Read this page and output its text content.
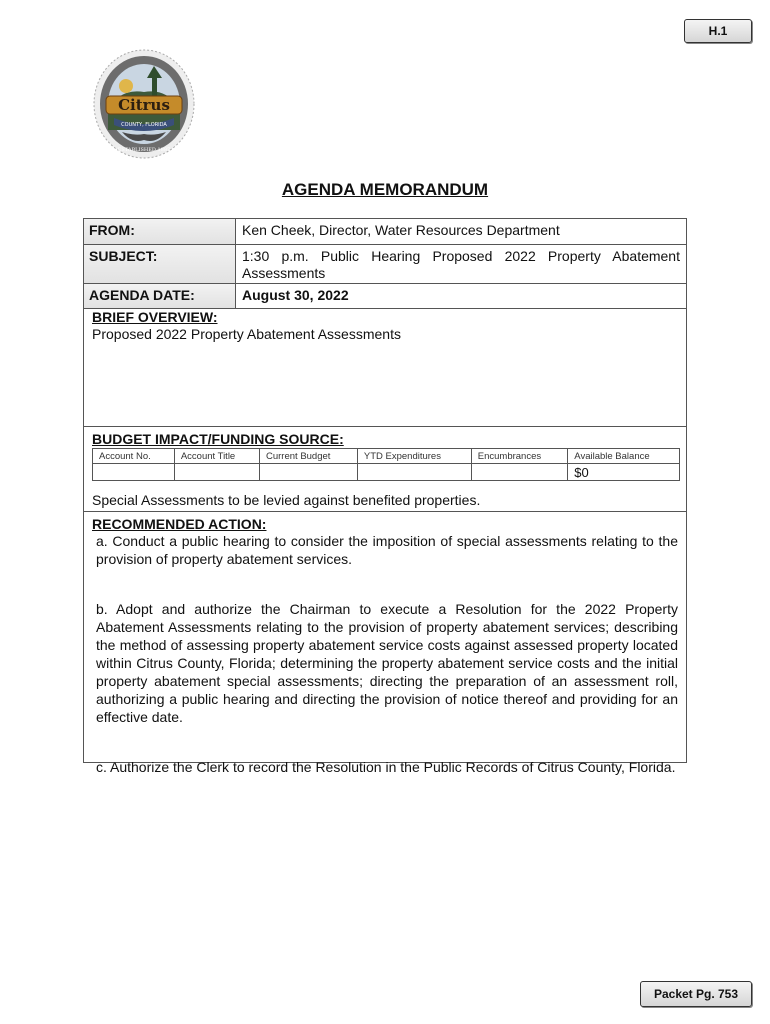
H.1
Citrus
COUNTY, FLORIDA
ESTABLISHED 1887
AGENDA MEMORANDUM
FROM:	Ken Cheek, Director, Water Resources Department
SUBJECT:	1:30 p.m. Public Hearing Proposed 2022 Property Abatement Assessments
AGENDA DATE:	August 30, 2022
BRIEF OVERVIEW:
Proposed 2022 Property Abatement Assessments
BUDGET IMPACT/FUNDING SOURCE:
Account No.	Account Title	Current Budget	YTD Expenditures	Encumbrances	Available Balance
					$0
Special Assessments to be levied against benefited properties.
RECOMMENDED ACTION:

a. Conduct a public hearing to consider the imposition of special assessments relating to the provision of property abatement services.

b. Adopt and authorize the Chairman to execute a Resolution for the 2022 Property Abatement Assessments relating to the provision of property abatement services; describing the method of assessing property abatement service costs against assessed property located within Citrus County, Florida; determining the property abatement service costs and the initial property abatement special assessments; directing the preparation of an assessment roll, authorizing a public hearing and directing the provision of notice thereof and providing for an effective date.

c. Authorize the Clerk to record the Resolution in the Public Records of Citrus County, Florida.

Packet Pg. 753
